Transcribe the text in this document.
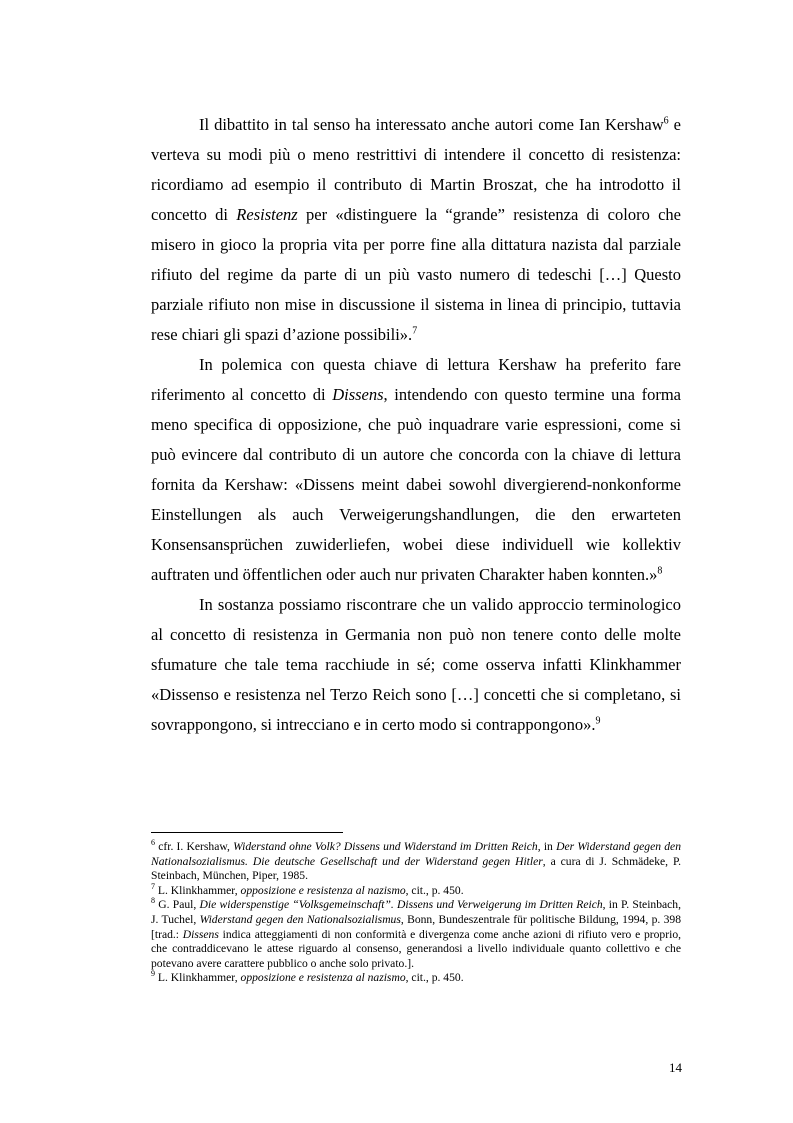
Il dibattito in tal senso ha interessato anche autori come Ian Kershaw$^6$ e verteva su modi più o meno restrittivi di intendere il concetto di resistenza: ricordiamo ad esempio il contributo di Martin Broszat, che ha introdotto il concetto di Resistenz per «distinguere la “grande” resistenza di coloro che misero in gioco la propria vita per porre fine alla dittatura nazista dal parziale rifiuto del regime da parte di un più vasto numero di tedeschi […] Questo parziale rifiuto non mise in discussione il sistema in linea di principio, tuttavia rese chiari gli spazi d’azione possibili».$^7$

In polemica con questa chiave di lettura Kershaw ha preferito fare riferimento al concetto di Dissens, intendendo con questo termine una forma meno specifica di opposizione, che può inquadrare varie espressioni, come si può evincere dal contributo di un autore che concorda con la chiave di lettura fornita da Kershaw: «Dissens meint dabei sowohl divergierend-nonkonforme Einstellungen als auch Verweigerungshandlungen, die den erwarteten Konsensansprüchen zuwiderliefen, wobei diese individuell wie kollektiv auftraten und öffentlichen oder auch nur privaten Charakter haben konnten.»$^8$

In sostanza possiamo riscontrare che un valido approccio terminologico al concetto di resistenza in Germania non può non tenere conto delle molte sfumature che tale tema racchiude in sé; come osserva infatti Klinkhammer «Dissenso e resistenza nel Terzo Reich sono […] concetti che si completano, si sovrappongono, si intrecciano e in certo modo si contrappongono».$^9$

$^6$ cfr. I. Kershaw, Widerstand ohne Volk? Dissens und Widerstand im Dritten Reich, in Der Widerstand gegen den Nationalsozialismus. Die deutsche Gesellschaft und der Widerstand gegen Hitler, a cura di J. Schmädeke, P. Steinbach, München, Piper, 1985.

$^7$ L. Klinkhammer, opposizione e resistenza al nazismo, cit., p. 450.

$^8$ G. Paul, Die widerspenstige “Volksgemeinschaft”. Dissens und Verweigerung im Dritten Reich, in P. Steinbach, J. Tuchel, Widerstand gegen den Nationalsozialismus, Bonn, Bundeszentrale für politische Bildung, 1994, p. 398 [trad.: Dissens indica atteggiamenti di non conformità e divergenza come anche azioni di rifiuto vero e proprio, che contraddicevano le attese riguardo al consenso, generandosi a livello individuale quanto collettivo e che potevano avere carattere pubblico o anche solo privato.].

$^9$ L. Klinkhammer, opposizione e resistenza al nazismo, cit., p. 450.

14
